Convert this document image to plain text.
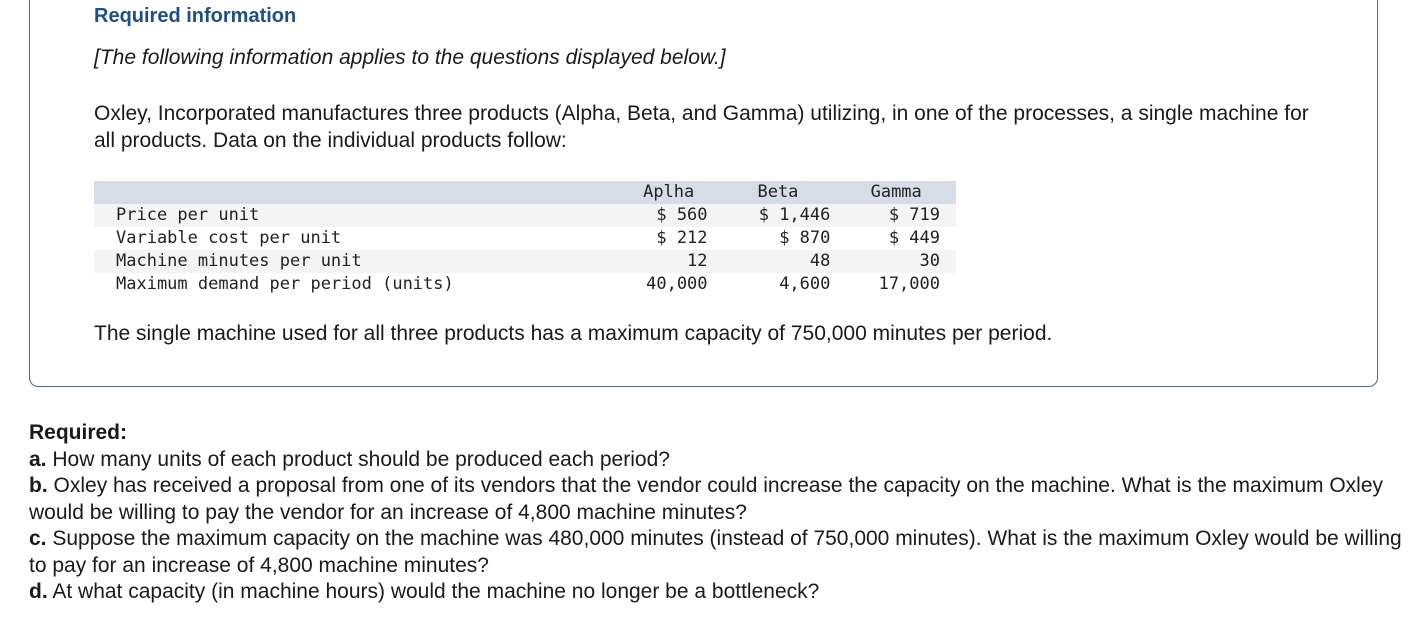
Required information
[The following information applies to the questions displayed below.]
Oxley, Incorporated manufactures three products (Alpha, Beta, and Gamma) utilizing, in one of the processes, a single machine for all products. Data on the individual products follow:
	Aplha	Beta	Gamma
Price per unit	$ 560	$ 1,446	$ 719
Variable cost per unit	$ 212	$ 870	$ 449
Machine minutes per unit	12	48	30
Maximum demand per period (units)	40,000	4,600	17,000
The single machine used for all three products has a maximum capacity of 750,000 minutes per period.

Required:

a. How many units of each product should be produced each period?

b. Oxley has received a proposal from one of its vendors that the vendor could increase the capacity on the machine. What is the maximum Oxley would be willing to pay the vendor for an increase of 4,800 machine minutes?

c. Suppose the maximum capacity on the machine was 480,000 minutes (instead of 750,000 minutes). What is the maximum Oxley would be willing to pay for an increase of 4,800 machine minutes?

d. At what capacity (in machine hours) would the machine no longer be a bottleneck?
